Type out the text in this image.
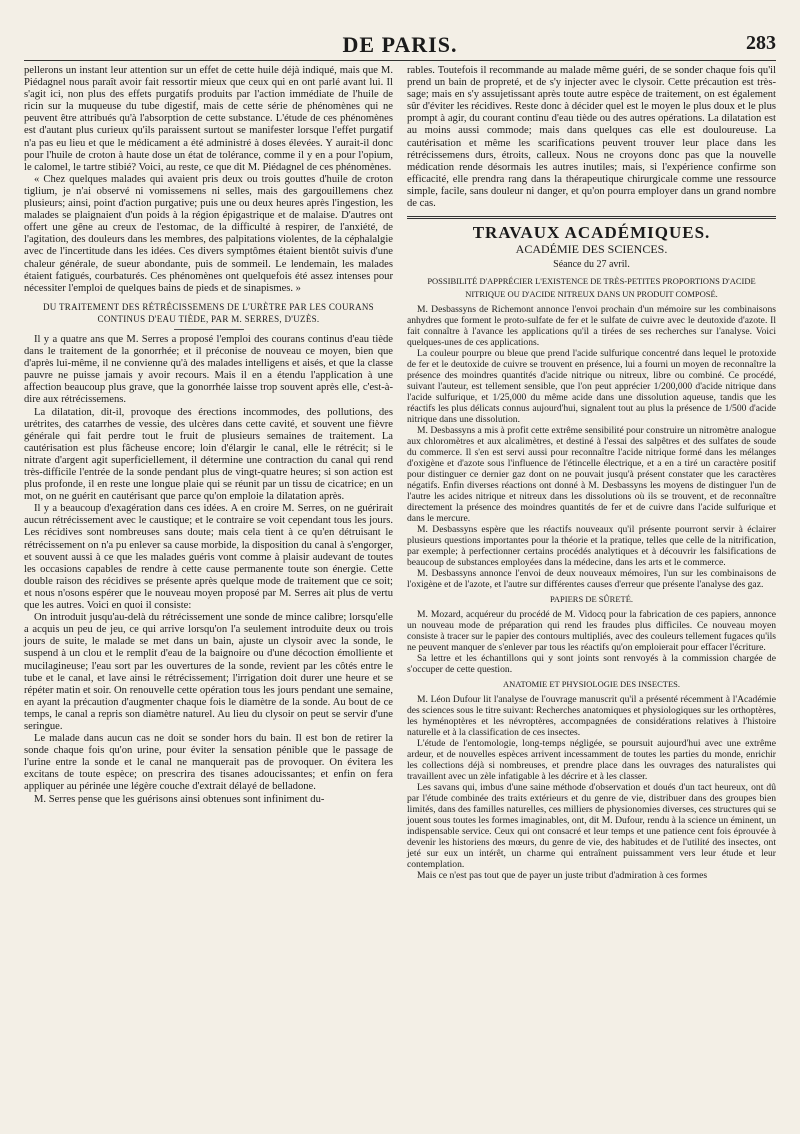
DE PARIS.	283

pellerons un instant leur attention sur un effet de cette huile déjà indiqué, mais que M. Piédagnel nous paraît avoir fait ressortir mieux que ceux qui en ont parlé avant lui. Il s'agit ici, non plus des effets purgatifs produits par l'action immédiate de l'huile de ricin sur la muqueuse du tube digestif, mais de cette série de phénomènes qui ne peuvent être attribués qu'à l'absorption de cette substance. L'étude de ces phénomènes est d'autant plus curieux qu'ils paraissent surtout se manifester lorsque l'effet purgatif n'a pas eu lieu et que le médicament a été administré à doses élevées. Y aurait-il donc pour l'huile de croton à haute dose un état de tolérance, comme il y en a pour l'opium, le calomel, le tartre stibié? Voici, au reste, ce que dit M. Piédagnel de ces phénomènes.

« Chez quelques malades qui avaient pris deux ou trois gouttes d'huile de croton tiglium, je n'ai observé ni vomissemens ni selles, mais des gargouillemens chez plusieurs; ainsi, point d'action purgative; puis une ou deux heures après l'ingestion, les malades se plaignaient d'un poids à la région épigastrique et de malaise. D'autres ont offert une gêne au creux de l'estomac, de la difficulté à respirer, de l'anxiété, de l'agitation, des douleurs dans les membres, des palpitations violentes, de la céphalalgie avec de l'incertitude dans les idées. Ces divers symptômes étaient bientôt suivis d'une chaleur générale, de sueur abondante, puis de sommeil. Le lendemain, les malades étaient fatigués, courbaturés. Ces phénomènes ont quelquefois été assez intenses pour nécessiter l'emploi de quelques bains de pieds et de sinapismes. »

DU TRAITEMENT DES RÉTRÉCISSEMENS DE L'URÈTRE PAR LES COURANS CONTINUS D'EAU TIÈDE, PAR M. SERRES, D'UZÈS.

Il y a quatre ans que M. Serres a proposé l'emploi des courans continus d'eau tiède dans le traitement de la gonorrhée; et il préconise de nouveau ce moyen, bien que d'après lui-même, il ne convienne qu'à des malades intelligens et aisés, et que la classe pauvre ne puisse jamais y avoir recours. Mais il en a étendu l'application à une affection beaucoup plus grave, que la gonorrhée laisse trop souvent après elle, c'est-à-dire aux rétrécissemens.

La dilatation, dit-il, provoque des érections incommodes, des pollutions, des urétrites, des catarrhes de vessie, des ulcères dans cette cavité, et souvent une fièvre générale qui fait perdre tout le fruit de plusieurs semaines de traitement. La cautérisation est plus fâcheuse encore; loin d'élargir le canal, elle le rétrécit; si le nitrate d'argent agit superficiellement, il détermine une contraction du canal qui rend très-difficile l'entrée de la sonde pendant plus de vingt-quatre heures; si son action est plus profonde, il en reste une longue plaie qui se réunit par un tissu de cicatrice; en un mot, on ne guérit en cautérisant que parce qu'on emploie la dilatation après.

Il y a beaucoup d'exagération dans ces idées. A en croire M. Serres, on ne guérirait aucun rétrécissement avec le caustique; et le contraire se voit cependant tous les jours. Les récidives sont nombreuses sans doute; mais cela tient à ce qu'en détruisant le rétrécissement on n'a pu enlever sa cause morbide, la disposition du canal à s'engorger, et souvent aussi à ce que les malades guéris vont comme à plaisir audevant de toutes les occasions capables de rendre à cette cause permanente toute son énergie. Cette double raison des récidives se présente après quelque mode de traitement que ce soit; et nous n'osons espérer que le nouveau moyen proposé par M. Serres ait plus de vertu que les autres. Voici en quoi il consiste:

On introduit jusqu'au-delà du rétrécissement une sonde de mince calibre; lorsqu'elle a acquis un peu de jeu, ce qui arrive lorsqu'on l'a seulement introduite deux ou trois jours de suite, le malade se met dans un bain, ajuste un clysoir avec la sonde, le suspend à un clou et le remplit d'eau de la baignoire ou d'une décoction émolliente et mucilagineuse; l'eau sort par les ouvertures de la sonde, revient par les côtés entre le tube et le canal, et lave ainsi le rétrécissement; l'irrigation doit durer une heure et se répéter matin et soir. On renouvelle cette opération tous les jours pendant une semaine, en ayant la précaution d'augmenter chaque fois le diamètre de la sonde. Au bout de ce temps, le canal a repris son diamètre naturel. Au lieu du clysoir on peut se servir d'une seringue.

Le malade dans aucun cas ne doit se sonder hors du bain. Il est bon de retirer la sonde chaque fois qu'on urine, pour éviter la sensation pénible que le passage de l'urine entre la sonde et le canal ne manquerait pas de provoquer. On évitera les excitans de toute espèce; on prescrira des tisanes adoucissantes; et enfin on fera appliquer au périnée une légère couche d'extrait délayé de belladone.

M. Serres pense que les guérisons ainsi obtenues sont infiniment du-

rables. Toutefois il recommande au malade même guéri, de se sonder chaque fois qu'il prend un bain de propreté, et de s'y injecter avec le clysoir. Cette précaution est très-sage; mais en s'y assujetissant après toute autre espèce de traitement, on est également sûr d'éviter les récidives. Reste donc à décider quel est le moyen le plus doux et le plus prompt à agir, du courant continu d'eau tiède ou des autres opérations. La dilatation est au moins aussi commode; mais dans quelques cas elle est douloureuse. La cautérisation et même les scarifications peuvent trouver leur place dans les rétrécissemens durs, étroits, calleux. Nous ne croyons donc pas que la nouvelle médication rende désormais les autres inutiles; mais, si l'expérience confirme son efficacité, elle prendra rang dans la thérapeutique chirurgicale comme une ressource simple, facile, sans douleur ni danger, et qu'on pourra employer dans un grand nombre de cas.

TRAVAUX ACADÉMIQUES.
ACADÉMIE DES SCIENCES.
Séance du 27 avril.
POSSIBILITÉ D'APPRÉCIER L'EXISTENCE DE TRÈS-PETITES PROPORTIONS D'ACIDE NITRIQUE OU D'ACIDE NITREUX DANS UN PRODUIT COMPOSÉ.

M. Desbassyns de Richemont annonce l'envoi prochain d'un mémoire sur les combinaisons anhydres que forment le proto-sulfate de fer et le sulfate de cuivre avec le deutoxide d'azote. Il fait connaître à l'avance les applications qu'il a tirées de ses recherches sur l'analyse. Voici quelques-unes de ces applications.

La couleur pourpre ou bleue que prend l'acide sulfurique concentré dans lequel le protoxide de fer et le deutoxide de cuivre se trouvent en présence, lui a fourni un moyen de reconnaître la présence des moindres quantités d'acide nitrique ou nitreux, libre ou combiné. Ce procédé, suivant l'auteur, est tellement sensible, que l'on peut apprécier 1/200,000 d'acide nitrique dans l'acide sulfurique, et 1/25,000 du même acide dans une dissolution aqueuse, tandis que les réactifs les plus délicats connus aujourd'hui, signalent tout au plus la présence de 1/500 d'acide nitrique dans une dissolution.

M. Desbassyns a mis à profit cette extrême sensibilité pour construire un nitromètre analogue aux chloromètres et aux alcalimètres, et destiné à l'essai des salpêtres et des sulfates de soude du commerce. Il s'en est servi aussi pour reconnaître l'acide nitrique formé dans les mélanges d'oxigène et d'azote sous l'influence de l'étincelle électrique, et a en a tiré un caractère positif pour distinguer ce dernier gaz dont on ne pouvait jusqu'à présent constater que les caractères négatifs. Enfin diverses réactions ont donné à M. Desbassyns les moyens de distinguer l'un de l'autre les acides nitrique et nitreux dans les dissolutions où ils se trouvent, et de reconnaître directement la présence des moindres quantités de fer et de cuivre dans l'acide sulfurique et dans le mercure.

M. Desbassyns espère que les réactifs nouveaux qu'il présente pourront servir à éclairer plusieurs questions importantes pour la théorie et la pratique, telles que celle de la nitrification, par exemple; à perfectionner certains procédés analytiques et à découvrir les falsifications de beaucoup de substances employées dans la médecine, dans les arts et le commerce.

M. Desbassyns annonce l'envoi de deux nouveaux mémoires, l'un sur les combinaisons de l'oxigène et de l'azote, et l'autre sur différentes causes d'erreur que présente l'analyse des gaz.

PAPIERS DE SÛRETÉ.

M. Mozard, acquéreur du procédé de M. Vidocq pour la fabrication de ces papiers, annonce un nouveau mode de préparation qui rend les fraudes plus difficiles. Ce nouveau moyen consiste à tracer sur le papier des contours multipliés, avec des couleurs tellement fugaces qu'ils ne peuvent manquer de s'enlever par tous les réactifs qu'on emploierait pour effacer l'écriture.

Sa lettre et les échantillons qui y sont joints sont renvoyés à la commission chargée de s'occuper de cette question.

ANATOMIE ET PHYSIOLOGIE DES INSECTES.

M. Léon Dufour lit l'analyse de l'ouvrage manuscrit qu'il a présenté récemment à l'Académie des sciences sous le titre suivant: Recherches anatomiques et physiologiques sur les orthoptères, les hyménoptères et les névroptères, accompagnées de considérations relatives à l'histoire naturelle et à la classification de ces insectes.

L'étude de l'entomologie, long-temps négligée, se poursuit aujourd'hui avec une extrême ardeur, et de nouvelles espèces arrivent incessamment de toutes les parties du monde, enrichir les collections déjà si nombreuses, et prendre place dans les ouvrages des naturalistes qui travaillent avec un zèle infatigable à les décrire et à les classer.

Les savans qui, imbus d'une saine méthode d'observation et doués d'un tact heureux, ont dû par l'étude combinée des traits extérieurs et du genre de vie, distribuer dans des groupes bien limités, dans des familles naturelles, ces milliers de physionomies diverses, ces structures qui se jouent sous toutes les formes imaginables, ont, dit M. Dufour, rendu à la science un éminent, un indispensable service. Ceux qui ont consacré et leur temps et une patience cent fois éprouvée à devenir les historiens des mœurs, du genre de vie, des habitudes et de l'utilité des insectes, ont jeté sur eux un intérêt, un charme qui entraînent puissamment vers leur étude et leur contemplation.

Mais ce n'est pas tout que de payer un juste tribut d'admiration à ces formes
